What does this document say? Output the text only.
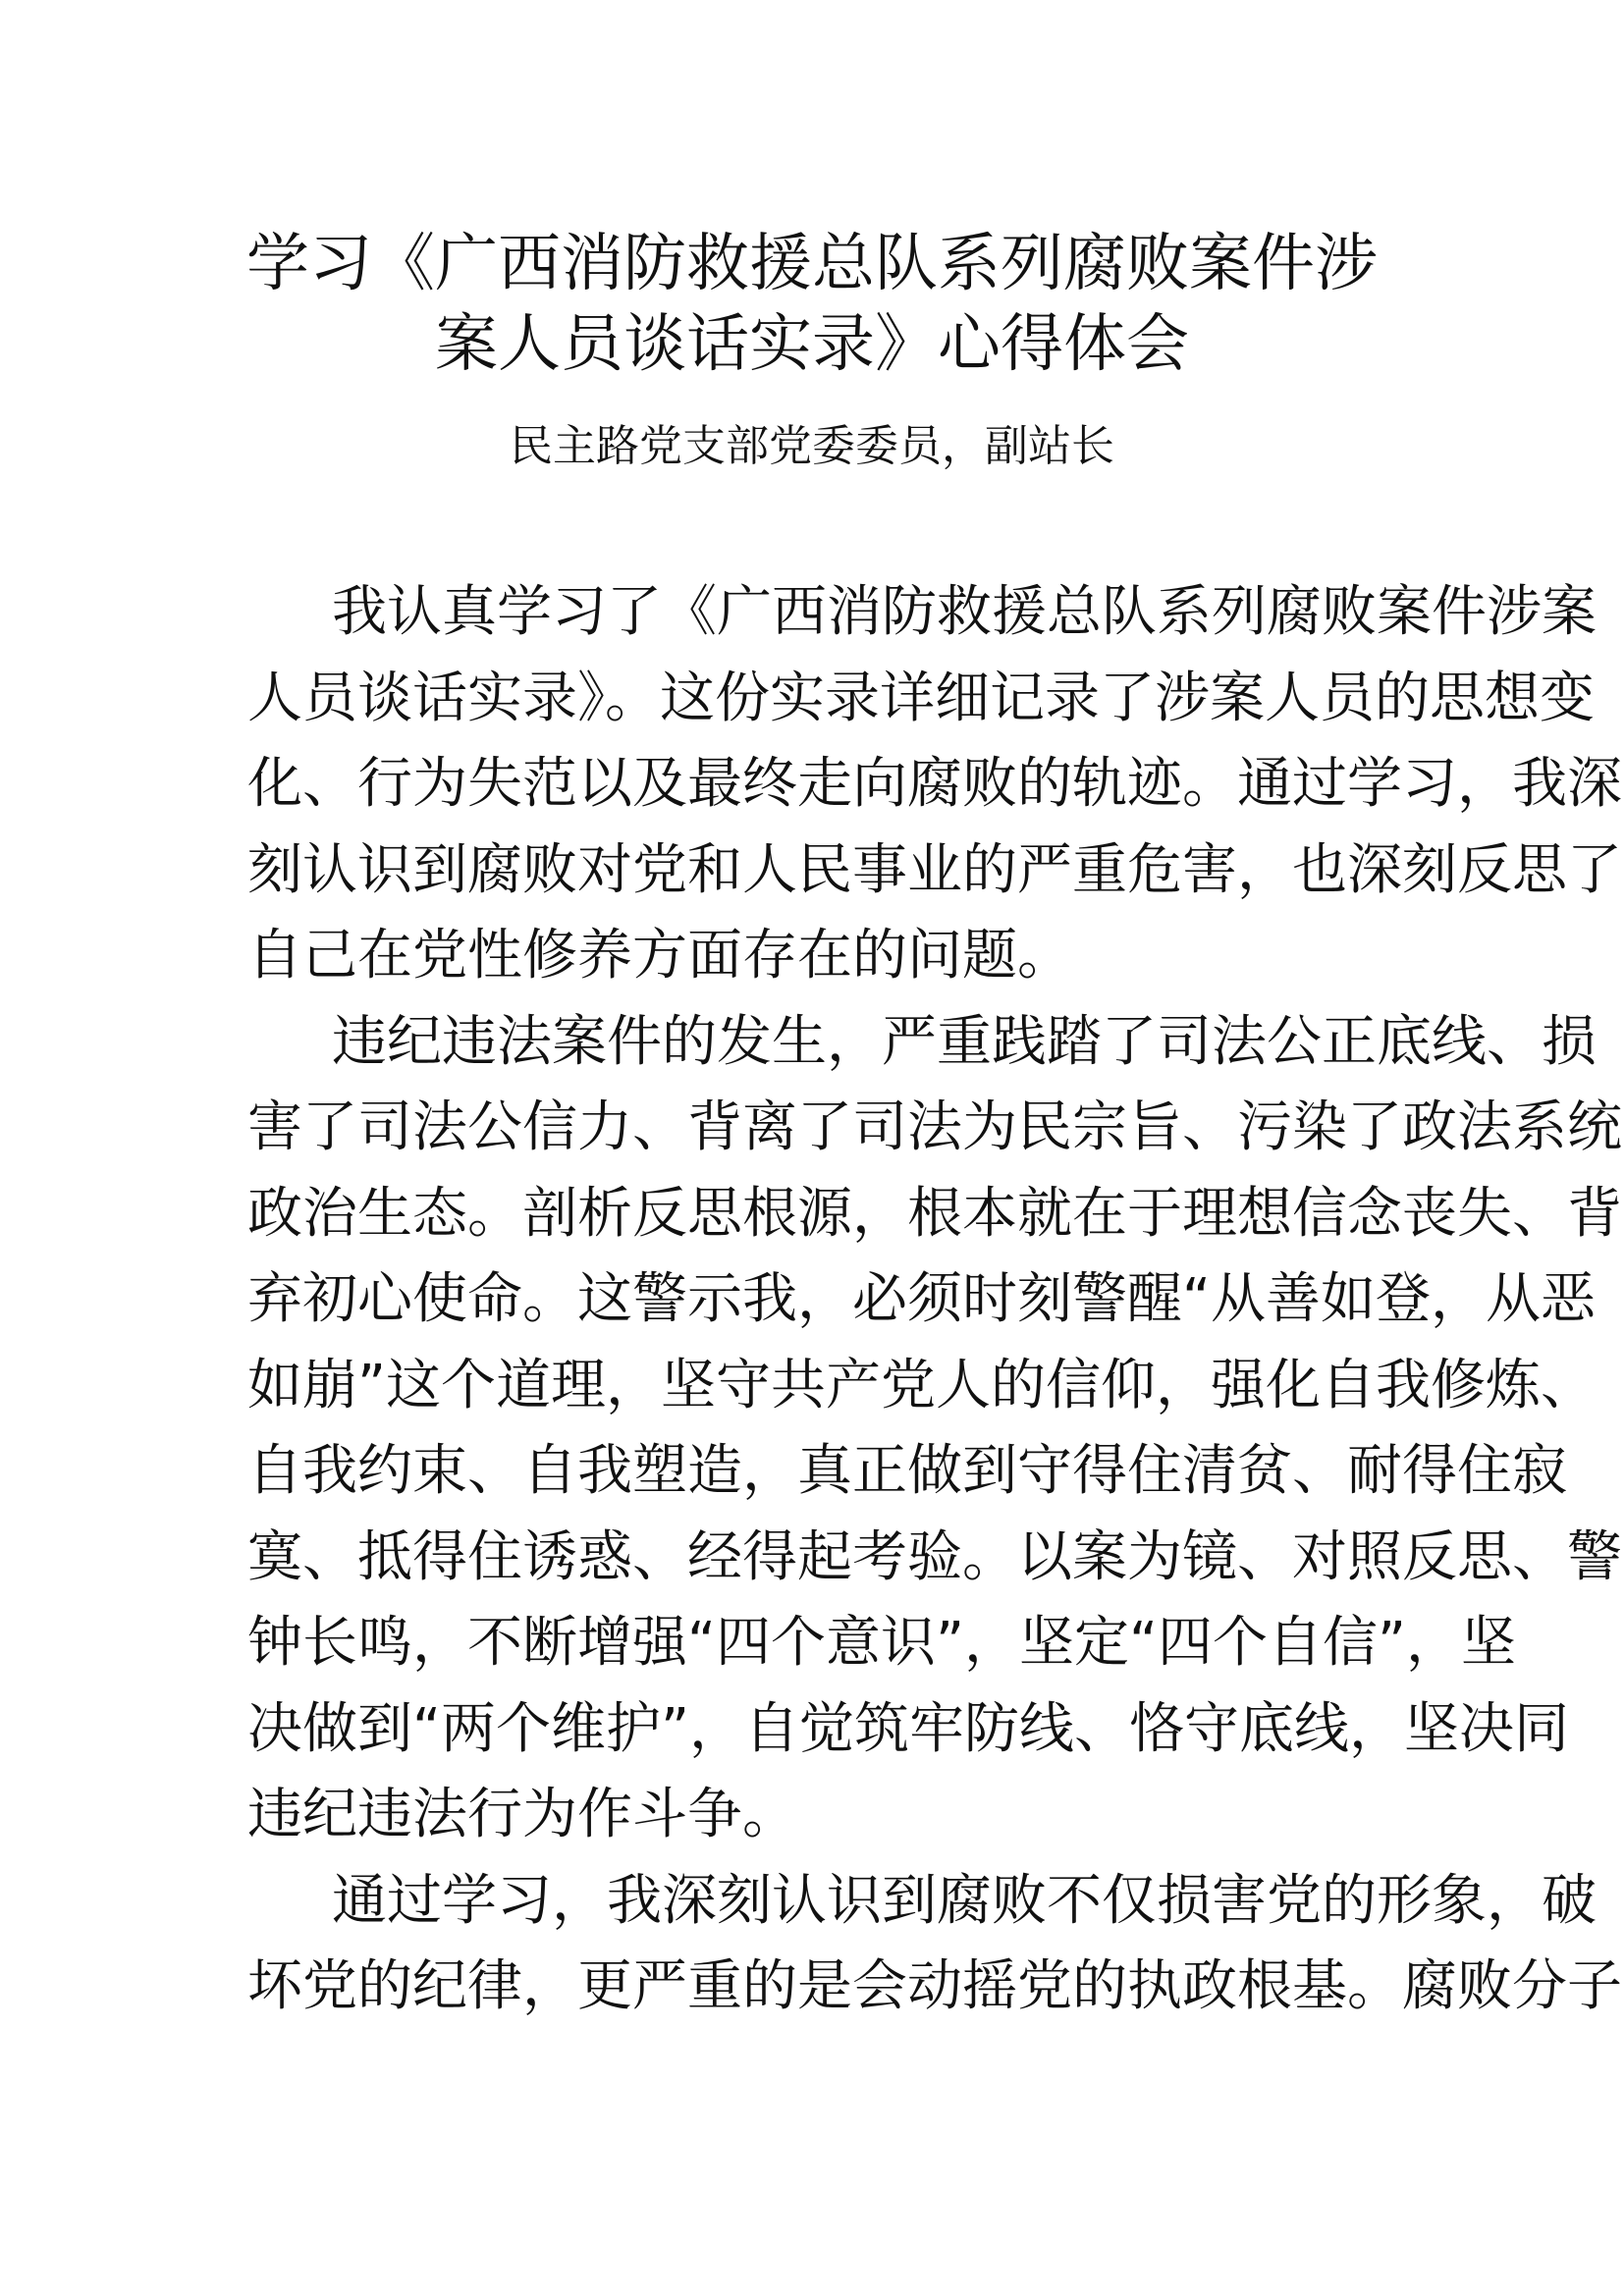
学习《广西消防救援总队系列腐败案件涉
案人员谈话实录》心得体会
民主路党支部党委委员，副站长
我认真学习了《广西消防救援总队系列腐败案件涉案
人员谈话实录》。这份实录详细记录了涉案人员的思想变
化、行为失范以及最终走向腐败的轨迹。通过学习，我深
刻认识到腐败对党和人民事业的严重危害，也深刻反思了
自己在党性修养方面存在的问题。
违纪违法案件的发生，严重践踏了司法公正底线、损
害了司法公信力、背离了司法为民宗旨、污染了政法系统
政治生态。剖析反思根源，根本就在于理想信念丧失、背
弃初心使命。这警示我，必须时刻警醒“从善如登，从恶
如崩”这个道理，坚守共产党人的信仰，强化自我修炼、
自我约束、自我塑造，真正做到守得住清贫、耐得住寂
寞、抵得住诱惑、经得起考验。以案为镜、对照反思、警
钟长鸣，不断增强“四个意识”，坚定“四个自信”，坚
决做到“两个维护”，自觉筑牢防线、恪守底线，坚决同
违纪违法行为作斗争。
通过学习，我深刻认识到腐败不仅损害党的形象，破
坏党的纪律，更严重的是会动摇党的执政根基。腐败分子
